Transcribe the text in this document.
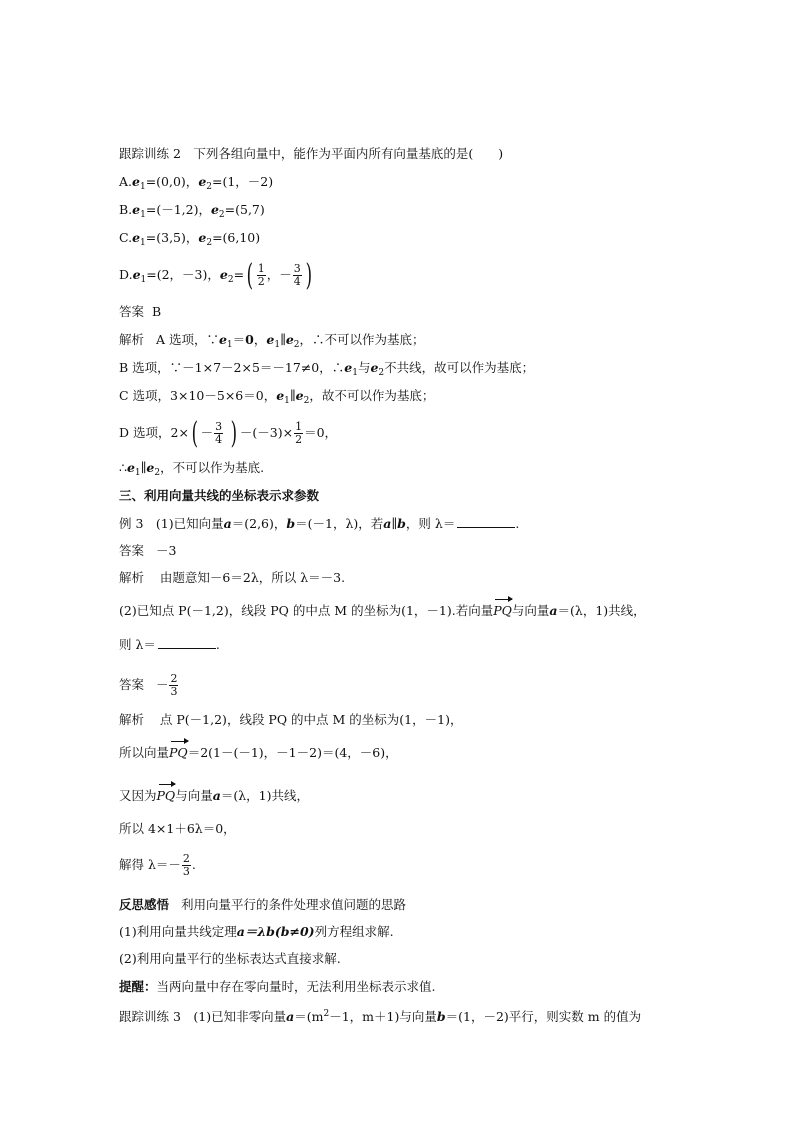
跟踪训练 2　下列各组向量中，能作为平面内所有向量基底的是(　　)
$A.e_1=(0,0)$，$e_2=(1$，－2)
$B.e_1=(-1,2)$，$e_2=(5,7)$
$C.e_1=(3,5)$，$e_2=(6,10)$
$D.e_1=(2$，－3)，$e_2=( \frac{1}{2}$ ，－ $\frac{3}{4}$ )
答案 B
解析 A 选项，$\because e_1=0$，$e_1\parallel e_2$，∴不可以作为基底；
B 选项，∵－1×7－2×5＝－17≠0，$\therefore e_1$与$e_2$不共线，故可以作为基底；
C 选项，3×10－5×6＝0，$e_1\parallel e_2$，故不可以作为基底；
D 选项，$2\times( - \frac{3}{4}$ ) $-(-3)\times \frac{1}{2} =0$，
$\therefore e_1\parallel e_2$，不可以作为基底.
三、利用向量共线的坐标表示求参数
例 3　(1)已知向量a＝(2,6)，b＝(－1，λ)，若a∥b，则 λ＝	.
答案 －3
解析 由题意知－6＝2λ，所以 λ＝－3.
(2)已知点 P(－1,2)，线段 PQ 的中点 M 的坐标为(1，－1).若向量PQ与向量a＝(λ，1)共线，
则 λ＝	.
答案 － $\frac{2}{3}$
解析 点 P(－1,2)，线段 PQ 的中点 M 的坐标为(1，－1)，
所以向量PQ＝2(1－(－1)，－1－2)＝(4，－6)，
又因为PQ与向量a＝(λ，1)共线，
所以 4×1＋6λ＝0，
解得 $\lambda=- \frac{2}{3}$ .
反思感悟 利用向量平行的条件处理求值问题的思路
(1)利用向量共线定理a＝λb(b≠0)列方程组求解.
(2)利用向量平行的坐标表达式直接求解.
提醒：当两向量中存在零向量时，无法利用坐标表示求值.
跟踪训练 3　(1)已知非零向量$a=(m^2-1$，m＋1)与向量b＝(1，－2)平行，则实数 m 的值为
